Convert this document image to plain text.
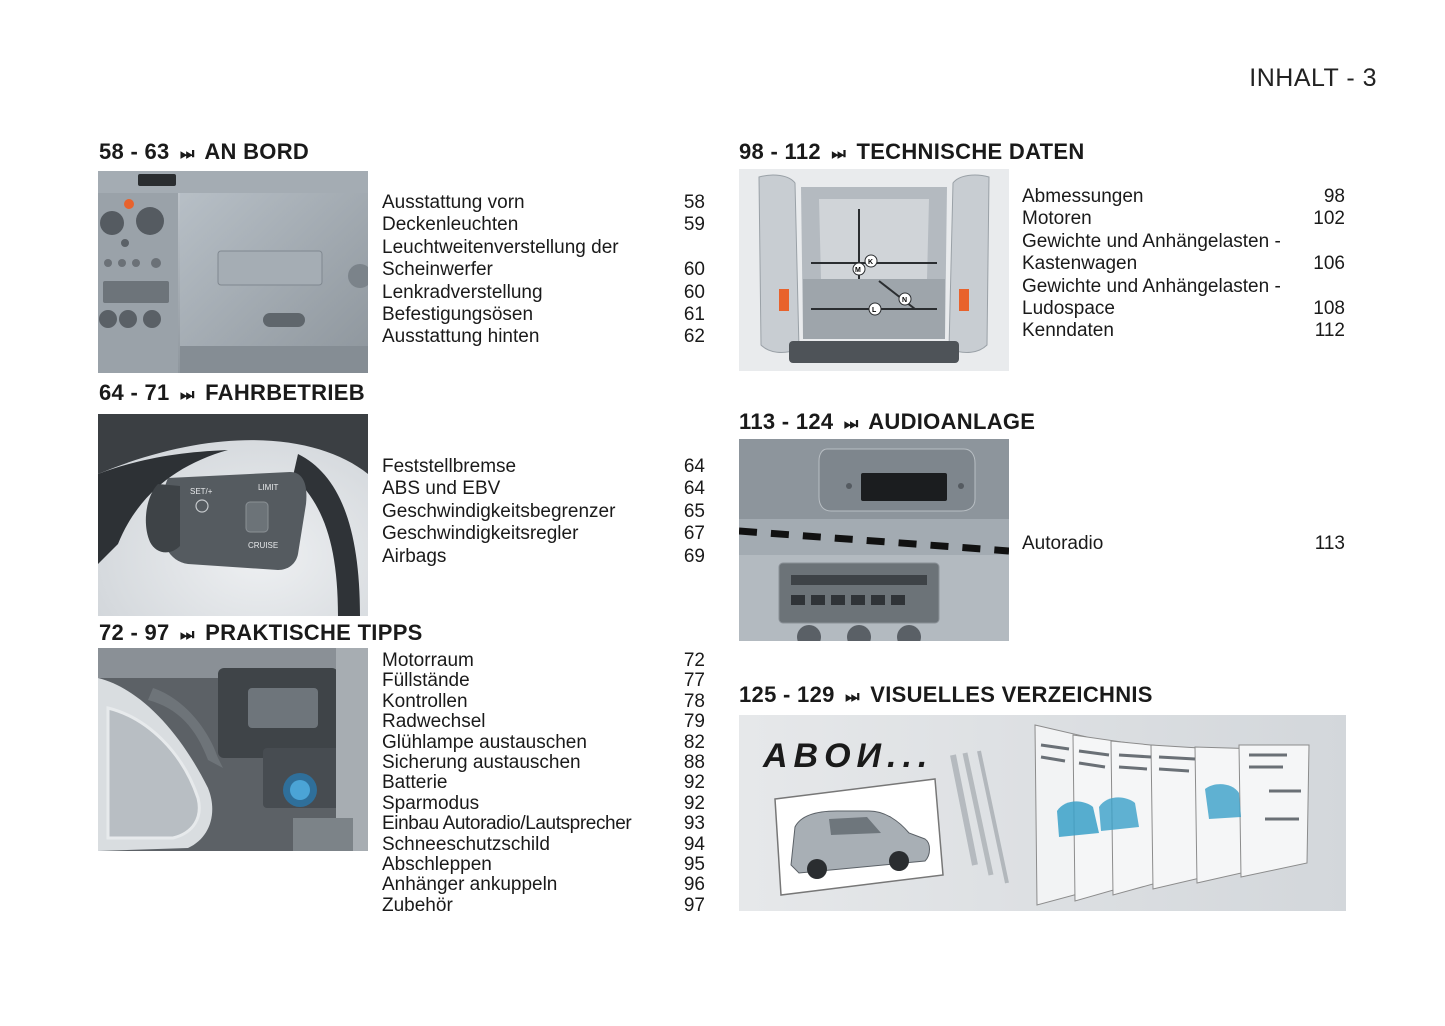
INHALT - 3
58 - 63 ⏭ AN BORD
Ausstattung vorn	58
Deckenleuchten	59
Leuchtweitenverstellung der
Scheinwerfer	60
Lenkradverstellung	60
Befestigungsösen	61
Ausstattung hinten	62
64 - 71 ⏭ FAHRBETRIEB
LIMIT
SET/+
CRUISE
Feststellbremse	64
ABS und EBV	64
Geschwindigkeitsbegrenzer	65
Geschwindigkeitsregler	67
Airbags	69
72 - 97 ⏭ PRAKTISCHE TIPPS
Motorraum	72
Füllstände	77
Kontrollen	78
Radwechsel	79
Glühlampe austauschen	82
Sicherung austauschen	88
Batterie	92
Sparmodus	92
Einbau Autoradio/Lautsprecher	93
Schneeschutzschild	94
Abschleppen	95
Anhänger ankuppeln	96
Zubehör	97
98 - 112 ⏭ TECHNISCHE DATEN
K
M
L
N
Abmessungen	98
Motoren	102
Gewichte und Anhängelasten -
Kastenwagen	106
Gewichte und Anhängelasten -
Ludospace	108
Kenndaten	112
113 - 124 ⏭ AUDIOANLAGE
Autoradio	113
125 - 129 ⏭ VISUELLES VERZEICHNIS
ABOИ...
